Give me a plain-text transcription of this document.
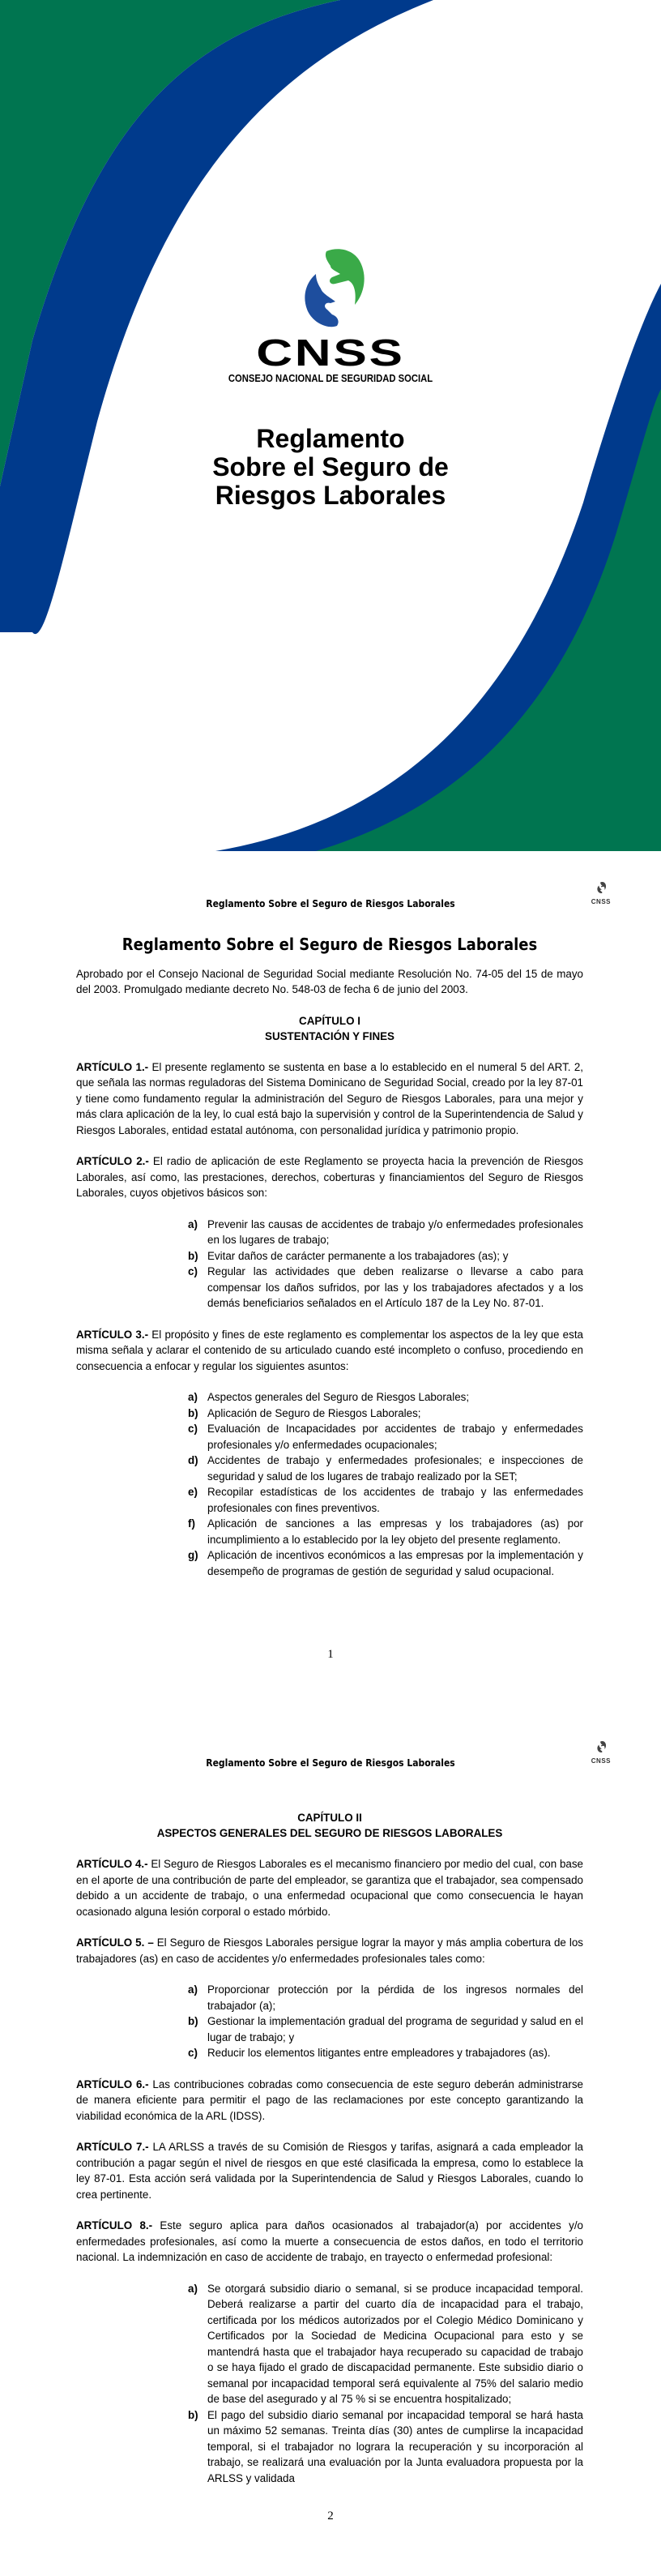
CNSS
CONSEJO NACIONAL DE SEGURIDAD SOCIAL
Reglamento
Sobre el Seguro de
Riesgos Laborales
CNSS
Reglamento Sobre el Seguro de Riesgos Laborales
Reglamento Sobre el Seguro de Riesgos Laborales

Aprobado por el Consejo Nacional de Seguridad Social mediante Resolución No. 74-05 del 15 de mayo del 2003. Promulgado mediante decreto No. 548-03 de fecha 6 de junio del 2003.

CAPÍTULO I
SUSTENTACIÓN Y FINES

ARTÍCULO 1.- El presente reglamento se sustenta en base a lo establecido en el numeral 5 del ART. 2, que señala las normas reguladoras del Sistema Dominicano de Seguridad Social, creado por la ley 87-01 y tiene como fundamento regular la administración del Seguro de Riesgos Laborales, para una mejor y más clara aplicación de la ley, lo cual está bajo la supervisión y control de la Superintendencia de Salud y Riesgos Laborales, entidad estatal autónoma, con personalidad jurídica y patrimonio propio.

ARTÍCULO 2.- El radio de aplicación de este Reglamento se proyecta hacia la prevención de Riesgos Laborales, así como, las prestaciones, derechos, coberturas y financiamientos del Seguro de Riesgos Laborales, cuyos objetivos básicos son:

a) Prevenir las causas de accidentes de trabajo y/o enfermedades profesionales en los lugares de trabajo;
b) Evitar daños de carácter permanente a los trabajadores (as); y
c) Regular las actividades que deben realizarse o llevarse a cabo para compensar los daños sufridos, por las y los trabajadores afectados y a los demás beneficiarios señalados en el Artículo 187 de la Ley No. 87-01.

ARTÍCULO 3.- El propósito y fines de este reglamento es complementar los aspectos de la ley que esta misma señala y aclarar el contenido de su articulado cuando esté incompleto o confuso, procediendo en consecuencia a enfocar y regular los siguientes asuntos:

a) Aspectos generales del Seguro de Riesgos Laborales;
b) Aplicación de Seguro de Riesgos Laborales;
c) Evaluación de Incapacidades por accidentes de trabajo y enfermedades profesionales y/o enfermedades ocupacionales;
d) Accidentes de trabajo y enfermedades profesionales; e inspecciones de seguridad y salud de los lugares de trabajo realizado por la SET;
e) Recopilar estadísticas de los accidentes de trabajo y las enfermedades profesionales con fines preventivos.
f) Aplicación de sanciones a las empresas y los trabajadores (as) por incumplimiento a lo establecido por la ley objeto del presente reglamento.
g) Aplicación de incentivos económicos a las empresas por la implementación y desempeño de programas de gestión de seguridad y salud ocupacional.
1
CNSS
Reglamento Sobre el Seguro de Riesgos Laborales
CAPÍTULO II
ASPECTOS GENERALES DEL SEGURO DE RIESGOS LABORALES

ARTÍCULO 4.- El Seguro de Riesgos Laborales es el mecanismo financiero por medio del cual, con base en el aporte de una contribución de parte del empleador, se garantiza que el trabajador, sea compensado debido a un accidente de trabajo, o una enfermedad ocupacional que como consecuencia le hayan ocasionado alguna lesión corporal o estado mórbido.

ARTÍCULO 5. – El Seguro de Riesgos Laborales persigue lograr la mayor y más amplia cobertura de los trabajadores (as) en caso de accidentes y/o enfermedades profesionales tales como:

a) Proporcionar protección por la pérdida de los ingresos normales del trabajador (a);
b) Gestionar la implementación gradual del programa de seguridad y salud en el lugar de trabajo; y
c) Reducir los elementos litigantes entre empleadores y trabajadores (as).

ARTÍCULO 6.- Las contribuciones cobradas como consecuencia de este seguro deberán administrarse de manera eficiente para permitir el pago de las reclamaciones por este concepto garantizando la viabilidad económica de la ARL (IDSS).

ARTÍCULO 7.- LA ARLSS a través de su Comisión de Riesgos y tarifas, asignará a cada empleador la contribución a pagar según el nivel de riesgos en que esté clasificada la empresa, como lo establece la ley 87-01. Esta acción será validada por la Superintendencia de Salud y Riesgos Laborales, cuando lo crea pertinente.

ARTÍCULO 8.- Este seguro aplica para daños ocasionados al trabajador(a) por accidentes y/o enfermedades profesionales, así como la muerte a consecuencia de estos daños, en todo el territorio nacional. La indemnización en caso de accidente de trabajo, en trayecto o enfermedad profesional:

a) Se otorgará subsidio diario o semanal, si se produce incapacidad temporal. Deberá realizarse a partir del cuarto día de incapacidad para el trabajo, certificada por los médicos autorizados por el Colegio Médico Dominicano y Certificados por la Sociedad de Medicina Ocupacional para esto y se mantendrá hasta que el trabajador haya recuperado su capacidad de trabajo o se haya fijado el grado de discapacidad permanente. Este subsidio diario o semanal por incapacidad temporal será equivalente al 75% del salario medio de base del asegurado y al 75 % si se encuentra hospitalizado;
b) El pago del subsidio diario semanal por incapacidad temporal se hará hasta un máximo 52 semanas. Treinta días (30) antes de cumplirse la incapacidad temporal, si el trabajador no lograra la recuperación y su incorporación al trabajo, se realizará una evaluación por la Junta evaluadora propuesta por la ARLSS y validada
2
